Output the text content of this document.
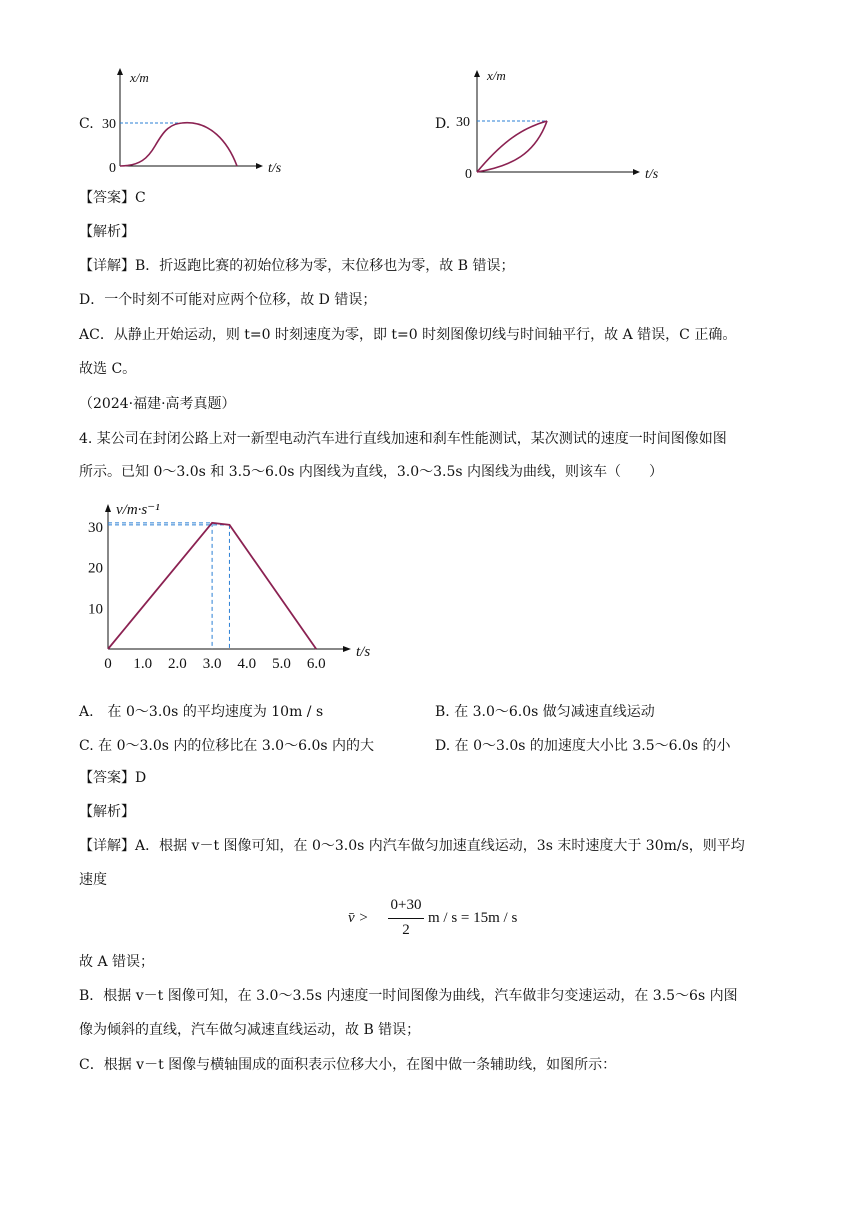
C.
x/m
30
0	t/s
D.
x/m
30
0	t/s
【答案】C
【解析】
【详解】B．折返跑比赛的初始位移为零，末位移也为零，故 B 错误；
D．一个时刻不可能对应两个位移，故 D 错误；
AC．从静止开始运动，则 t=0 时刻速度为零，即 t=0 时刻图像切线与时间轴平行，故 A 错误，C 正确。
故选 C。
（2024·福建·高考真题）
4. 某公司在封闭公路上对一新型电动汽车进行直线加速和刹车性能测试，某次测试的速度一时间图像如图
所示。已知 0～3.0s 和 3.5～6.0s 内图线为直线，3.0～3.5s 内图线为曲线，则该车（　　）
0 1.0 2.0 3.0 4.0 5.0 6.0
10
20
30
v/m·s⁻¹
t/s
A.　在 0～3.0s 的平均速度为 10m / s	B. 在 3.0～6.0s 做匀减速直线运动
C. 在 0～3.0s 内的位移比在 3.0～6.0s 内的大	D. 在 0～3.0s 的加速度大小比 3.5～6.0s 的小
【答案】D
【解析】
【详解】A．根据 v－t 图像可知，在 0～3.0s 内汽车做匀加速直线运动，3s 末时速度大于 30m/s，则平均
速度
v̄ >
0+30
2
m / s = 15m / s
故 A 错误；
B．根据 v－t 图像可知，在 3.0～3.5s 内速度一时间图像为曲线，汽车做非匀变速运动，在 3.5～6s 内图
像为倾斜的直线，汽车做匀减速直线运动，故 B 错误；
C．根据 v－t 图像与横轴围成的面积表示位移大小，在图中做一条辅助线，如图所示：
